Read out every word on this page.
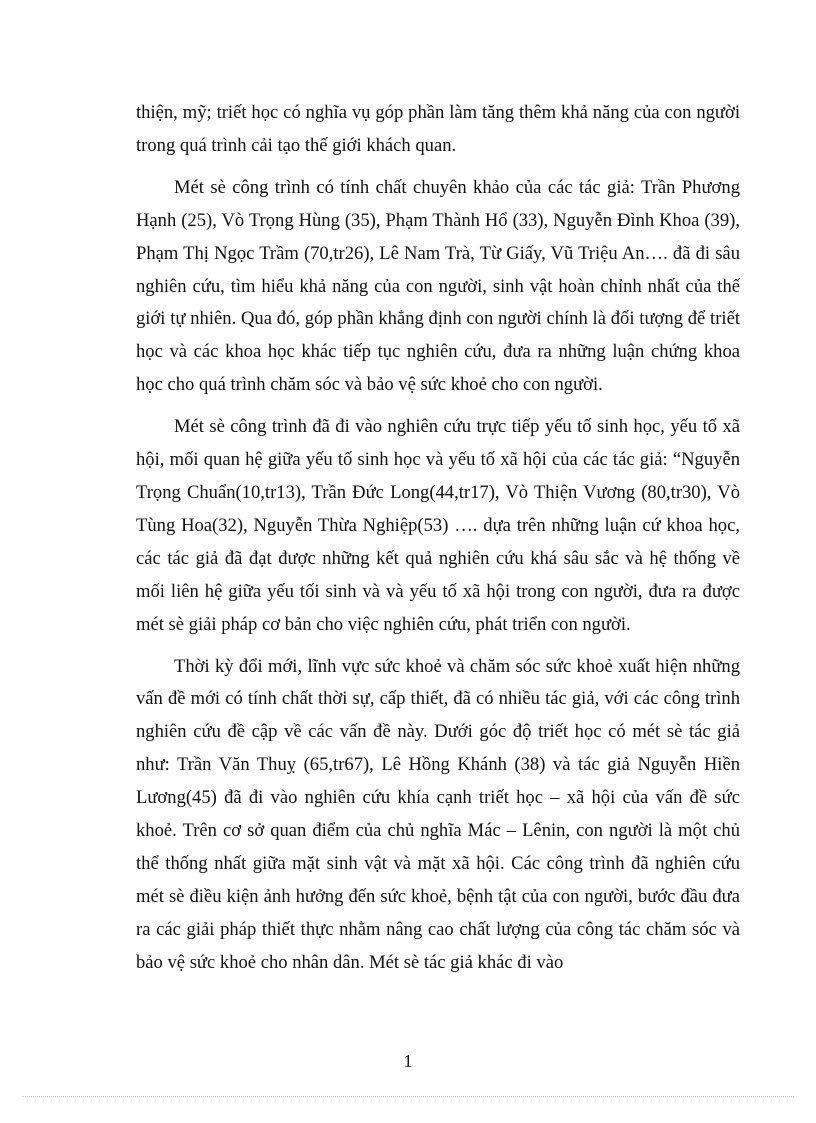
thiện, mỹ; triết học có nghĩa vụ góp phần làm tăng thêm khả năng của con người trong quá trình cải tạo thế giới khách quan.

Mét sè công trình có tính chất chuyên khảo của các tác giả: Trần Phương Hạnh (25), Vò Trọng Hùng (35), Phạm Thành Hổ (33), Nguyễn Đình Khoa (39), Phạm Thị Ngọc Trầm (70,tr26), Lê Nam Trà, Từ Giấy, Vũ Triệu An…. đã đi sâu nghiên cứu, tìm hiểu khả năng của con người, sinh vật hoàn chỉnh nhất của thế giới tự nhiên. Qua đó, góp phần khẳng định con người chính là đối tượng để triết học và các khoa học khác tiếp tục nghiên cứu, đưa ra những luận chứng khoa học cho quá trình chăm sóc và bảo vệ sức khoẻ cho con người.

Mét sè công trình đã đi vào nghiên cứu trực tiếp yếu tố sinh học, yếu tố xã hội, mối quan hệ giữa yếu tố sinh học và yếu tố xã hội của các tác giả: “Nguyễn Trọng Chuẩn(10,tr13), Trần Đức Long(44,tr17), Vò Thiện Vương (80,tr30), Vò Tùng Hoa(32), Nguyễn Thừa Nghiệp(53) …. dựa trên những luận cứ khoa học, các tác giả đã đạt được những kết quả nghiên cứu khá sâu sắc và hệ thống về mối liên hệ giữa yếu tối sinh và và yếu tố xã hội trong con người, đưa ra được mét sè giải pháp cơ bản cho việc nghiên cứu, phát triển con người.

Thời kỳ đổi mới, lĩnh vực sức khoẻ và chăm sóc sức khoẻ xuất hiện những vấn đề mới có tính chất thời sự, cấp thiết, đã có nhiều tác giả, với các công trình nghiên cứu đề cập về các vấn đề này. Dưới góc độ triết học có mét sè tác giả như: Trần Văn Thuỵ (65,tr67), Lê Hồng Khánh (38) và tác giả Nguyễn Hiền Lương(45) đã đi vào nghiên cứu khía cạnh triết học – xã hội của vấn đề sức khoẻ. Trên cơ sở quan điểm của chủ nghĩa Mác – Lênin, con người là một chủ thể thống nhất giữa mặt sinh vật và mặt xã hội. Các công trình đã nghiên cứu mét sè điều kiện ảnh hưởng đến sức khoẻ, bệnh tật của con người, bước đầu đưa ra các giải pháp thiết thực nhằm nâng cao chất lượng của công tác chăm sóc và bảo vệ sức khoẻ cho nhân dân. Mét sè tác giả khác đi vào

1
